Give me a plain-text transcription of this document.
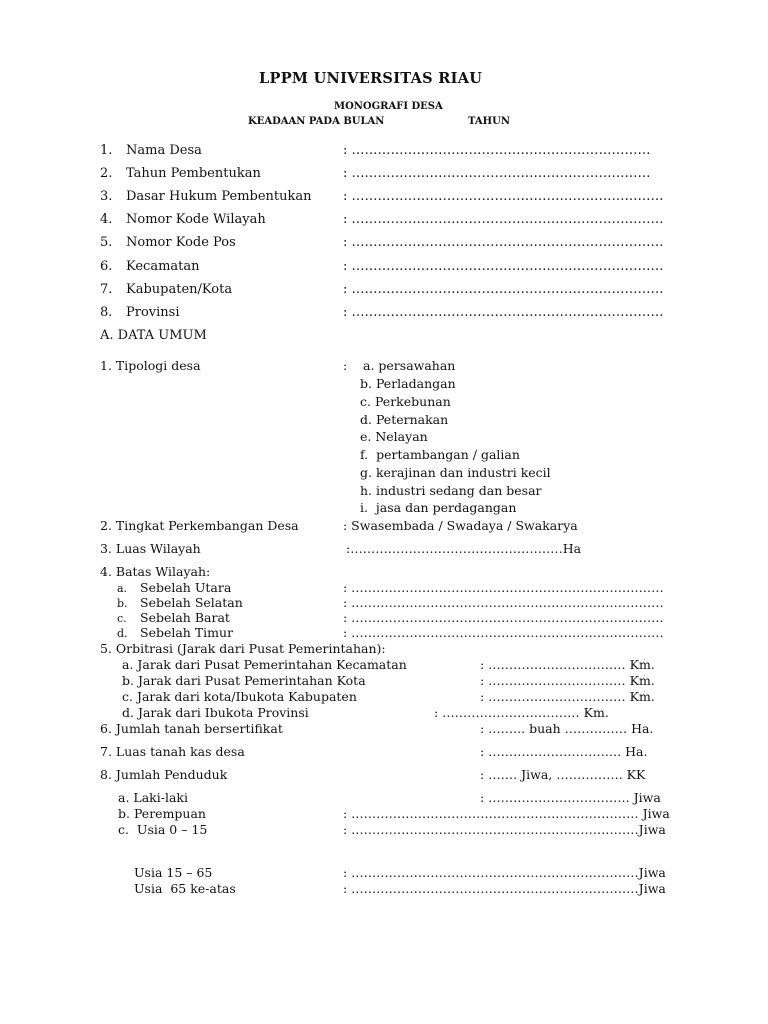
LPPM UNIVERSITAS RIAU
MONOGRAFI DESA
KEADAAN PADA BULAN	TAHUN
1. Nama Desa	: ……………………………………………………………
2. Tahun Pembentukan	: ……………………………………………………………
3. Dasar Hukum Pembentukan : ………………………………………………………………
4. Nomor Kode Wilayah	: ………………………………………………………………
5. Nomor Kode Pos	: ………………………………………………………………
6. Kecamatan	: ………………………………………………………………
7. Kabupaten/Kota	: ………………………………………………………………
8. Provinsi	: ………………………………………………………………
A. DATA UMUM
1. Tipologi desa	: a. persawahan
b. Perladangan
c. Perkebunan
d. Peternakan
e. Nelayan
f.  pertambangan / galian
g. kerajinan dan industri kecil
h. industri sedang dan besar
i.  jasa dan perdagangan
2. Tingkat Perkembangan Desa	: Swasembada / Swadaya / Swakarya
3. Luas Wilayah	:……………………………………………Ha
4. Batas Wilayah:
a. Sebelah Utara	: …………………………………………………………………
b. Sebelah Selatan	: …………………………………………………………………
c. Sebelah Barat	: …………………………………………………………………
d. Sebelah Timur	: …………………………………………………………………
5. Orbitrasi (Jarak dari Pusat Pemerintahan):
a. Jarak dari Pusat Pemerintahan Kecamatan	: …………………………… Km.
b. Jarak dari Pusat Pemerintahan Kota	: …………………………… Km.
c. Jarak dari kota/Ibukota Kabupaten	: …………………………… Km.
d. Jarak dari Ibukota Provinsi	: …………………………… Km.
6. Jumlah tanah bersertifikat	: ……... buah …………… Ha.
7. Luas tanah kas desa	: ………………………….. Ha.
8. Jumlah Penduduk	: ……. Jiwa, ……………. KK
a. Laki-laki	: ……………………………. Jiwa
b. Perempuan	: …………………………………………………………… Jiwa
c.  Usia 0 – 15	: ……………………………………………………………Jiwa
Usia 15 – 65	: ……………………………………………………………Jiwa
Usia  65 ke-atas	: ……………………………………………………………Jiwa
